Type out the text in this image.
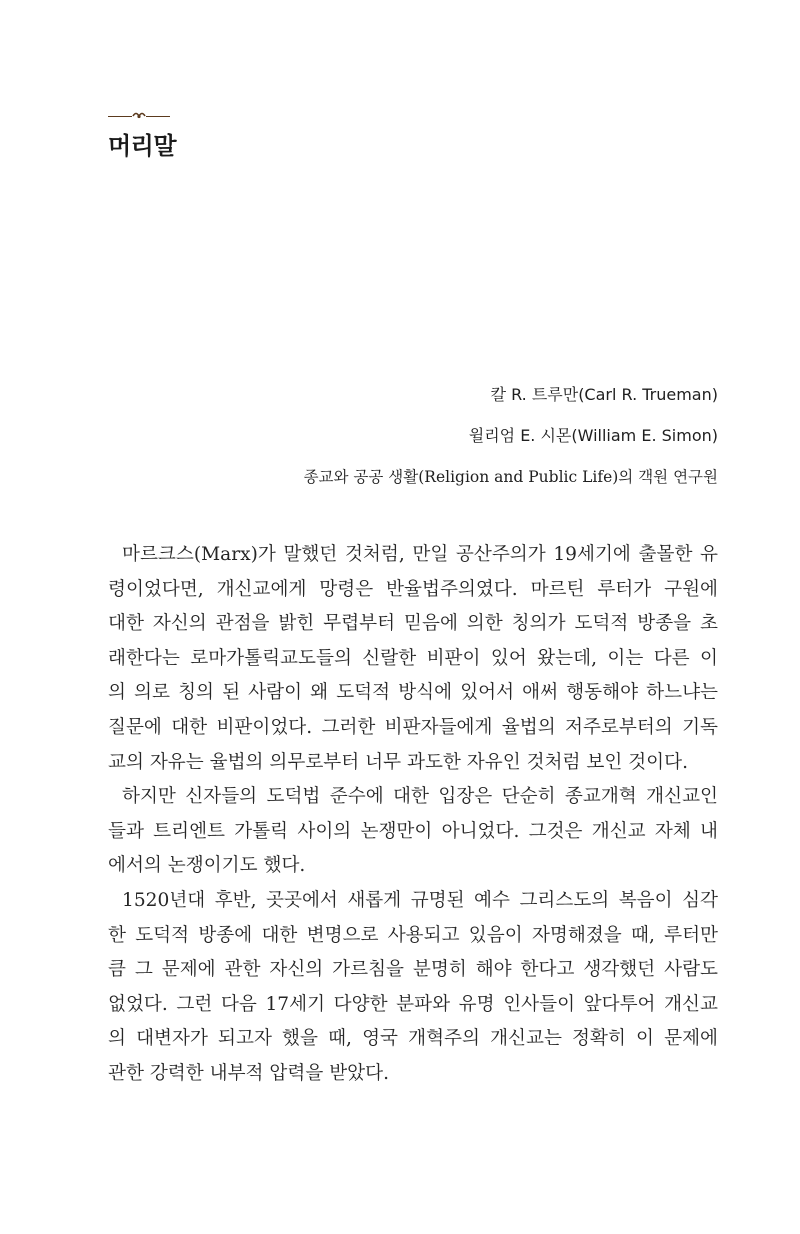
머리말
칼 R. 트루만(Carl R. Trueman)
윌리엄 E. 시몬(William E. Simon)
종교와 공공 생활(Religion and Public Life)의 객원 연구원
마르크스(Marx)가 말했던 것처럼, 만일 공산주의가 19세기에 출몰한 유
령이었다면, 개신교에게 망령은 반율법주의였다. 마르틴 루터가 구원에
대한 자신의 관점을 밝힌 무렵부터 믿음에 의한 칭의가 도덕적 방종을 초
래한다는 로마가톨릭교도들의 신랄한 비판이 있어 왔는데, 이는 다른 이
의 의로 칭의 된 사람이 왜 도덕적 방식에 있어서 애써 행동해야 하느냐는
질문에 대한 비판이었다. 그러한 비판자들에게 율법의 저주로부터의 기독
교의 자유는 율법의 의무로부터 너무 과도한 자유인 것처럼 보인 것이다.
하지만 신자들의 도덕법 준수에 대한 입장은 단순히 종교개혁 개신교인
들과 트리엔트 가톨릭 사이의 논쟁만이 아니었다. 그것은 개신교 자체 내
에서의 논쟁이기도 했다.
1520년대 후반, 곳곳에서 새롭게 규명된 예수 그리스도의 복음이 심각
한 도덕적 방종에 대한 변명으로 사용되고 있음이 자명해졌을 때, 루터만
큼 그 문제에 관한 자신의 가르침을 분명히 해야 한다고 생각했던 사람도
없었다. 그런 다음 17세기 다양한 분파와 유명 인사들이 앞다투어 개신교
의 대변자가 되고자 했을 때, 영국 개혁주의 개신교는 정확히 이 문제에
관한 강력한 내부적 압력을 받았다.
